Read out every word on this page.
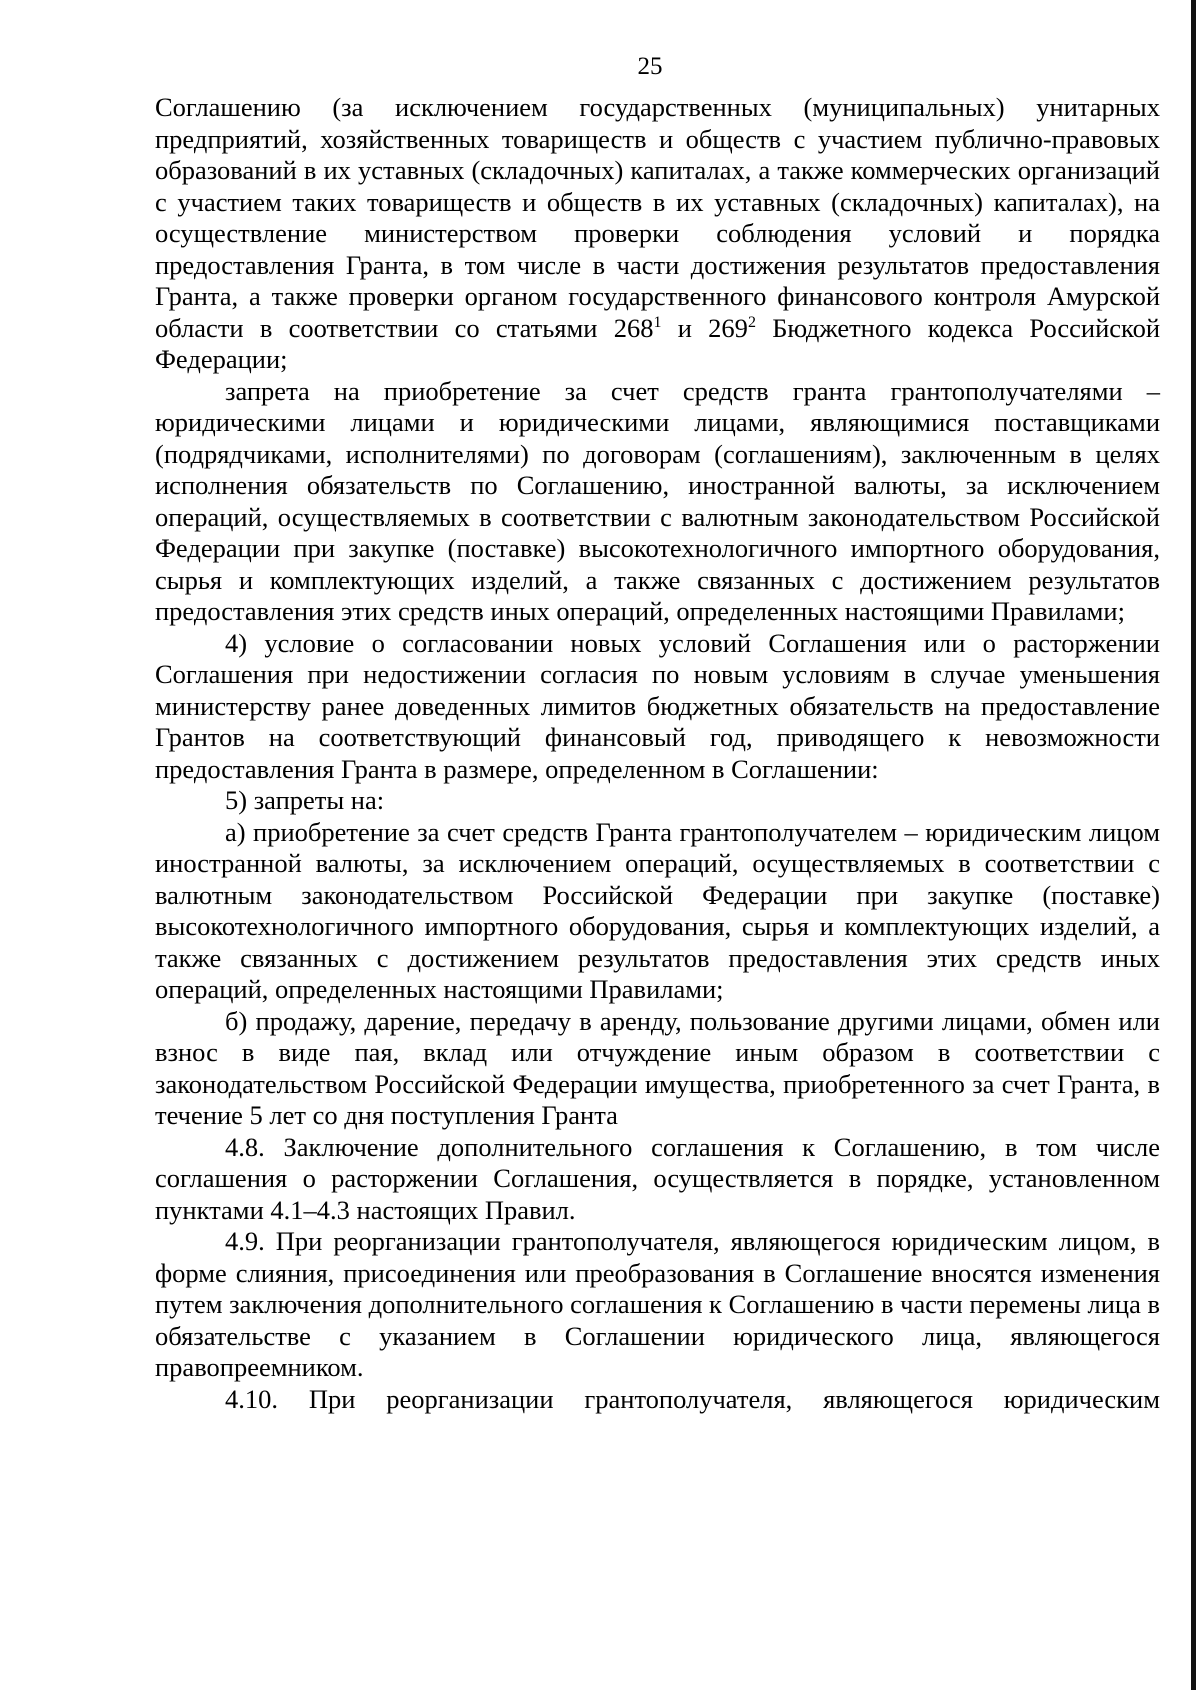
25

Соглашению (за исключением государственных (муниципальных) унитарных предприятий, хозяйственных товариществ и обществ с участием публично-правовых образований в их уставных (складочных) капиталах, а также коммерческих организаций с участием таких товариществ и обществ в их уставных (складочных) капиталах), на осуществление министерством проверки соблюдения условий и порядка предоставления Гранта, в том числе в части достижения результатов предоставления Гранта, а также проверки органом государственного финансового контроля Амурской области в соответствии со статьями $268^1$ и $269^2$ Бюджетного кодекса Российской Федерации;

запрета на приобретение за счет средств гранта грантополучателями – юридическими лицами и юридическими лицами, являющимися поставщиками (подрядчиками, исполнителями) по договорам (соглашениям), заключенным в целях исполнения обязательств по Соглашению, иностранной валюты, за исключением операций, осуществляемых в соответствии с валютным законодательством Российской Федерации при закупке (поставке) высокотехнологичного импортного оборудования, сырья и комплектующих изделий, а также связанных с достижением результатов предоставления этих средств иных операций, определенных настоящими Правилами;

4) условие о согласовании новых условий Соглашения или о расторжении Соглашения при недостижении согласия по новым условиям в случае уменьшения министерству ранее доведенных лимитов бюджетных обязательств на предоставление Грантов на соответствующий финансовый год, приводящего к невозможности предоставления Гранта в размере, определенном в Соглашении:

5) запреты на:

а) приобретение за счет средств Гранта грантополучателем – юридическим лицом иностранной валюты, за исключением операций, осуществляемых в соответствии с валютным законодательством Российской Федерации при закупке (поставке) высокотехнологичного импортного оборудования, сырья и комплектующих изделий, а также связанных с достижением результатов предоставления этих средств иных операций, определенных настоящими Правилами;

б) продажу, дарение, передачу в аренду, пользование другими лицами, обмен или взнос в виде пая, вклад или отчуждение иным образом в соответствии с законодательством Российской Федерации имущества, приобретенного за счет Гранта, в течение 5 лет со дня поступления Гранта

4.8. Заключение дополнительного соглашения к Соглашению, в том числе соглашения о расторжении Соглашения, осуществляется в порядке, установленном пунктами 4.1–4.3 настоящих Правил.

4.9. При реорганизации грантополучателя, являющегося юридическим лицом, в форме слияния, присоединения или преобразования в Соглашение вносятся изменения путем заключения дополнительного соглашения к Соглашению в части перемены лица в обязательстве с указанием в Соглашении юридического лица, являющегося правопреемником.

4.10. При реорганизации грантополучателя, являющегося юридическим
